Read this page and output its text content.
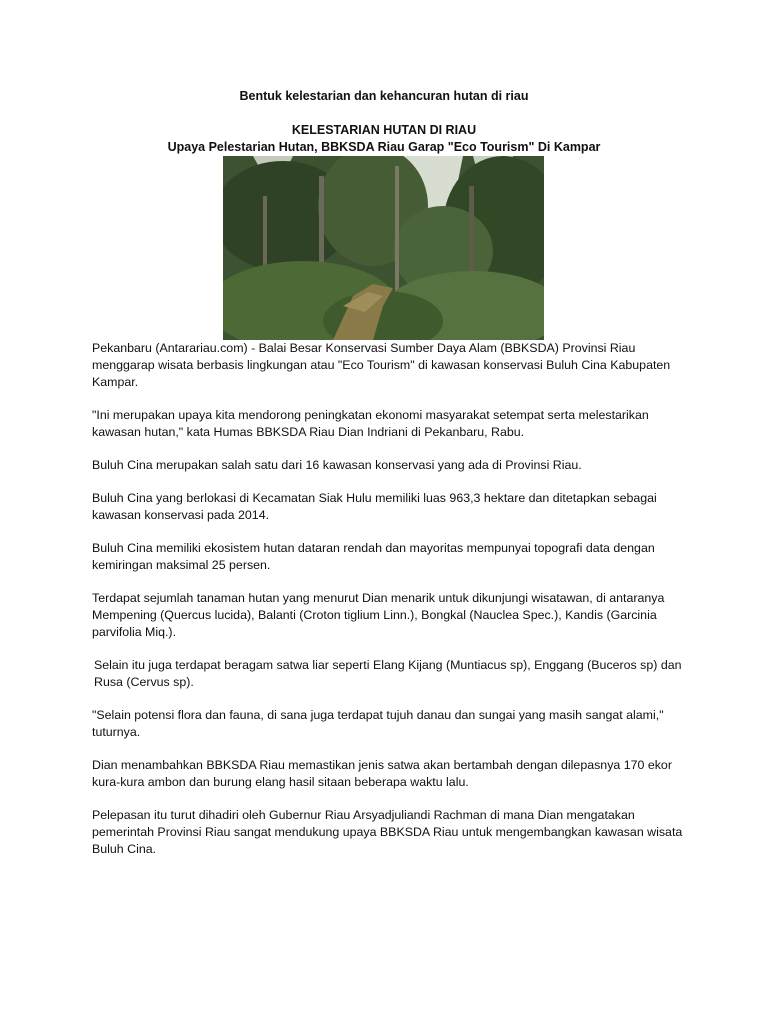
Bentuk kelestarian dan kehancuran hutan di riau
KELESTARIAN HUTAN DI RIAU
Upaya Pelestarian Hutan, BBKSDA Riau Garap "Eco Tourism" Di Kampar

Pekanbaru (Antarariau.com) - Balai Besar Konservasi Sumber Daya Alam (BBKSDA) Provinsi Riau menggarap wisata berbasis lingkungan atau "Eco Tourism" di kawasan konservasi Buluh Cina Kabupaten Kampar.

"Ini merupakan upaya kita mendorong peningkatan ekonomi masyarakat setempat serta melestarikan kawasan hutan," kata Humas BBKSDA Riau Dian Indriani di Pekanbaru, Rabu.

Buluh Cina merupakan salah satu dari 16 kawasan konservasi yang ada di Provinsi Riau.

Buluh Cina yang berlokasi di Kecamatan Siak Hulu memiliki luas 963,3 hektare dan ditetapkan sebagai kawasan konservasi pada 2014.

Buluh Cina memiliki ekosistem hutan dataran rendah dan mayoritas mempunyai topografi data dengan kemiringan maksimal 25 persen.

Terdapat sejumlah tanaman hutan yang menurut Dian menarik untuk dikunjungi wisatawan, di antaranya Mempening (Quercus lucida), Balanti (Croton tiglium Linn.), Bongkal (Nauclea Spec.), Kandis (Garcinia parvifolia Miq.).

Selain itu juga terdapat beragam satwa liar seperti Elang Kijang (Muntiacus sp), Enggang (Buceros sp) dan Rusa (Cervus sp).

"Selain potensi flora dan fauna, di sana juga terdapat tujuh danau dan sungai yang masih sangat alami," tuturnya.

Dian menambahkan BBKSDA Riau memastikan jenis satwa akan bertambah dengan dilepasnya 170 ekor kura-kura ambon dan burung elang hasil sitaan beberapa waktu lalu.

Pelepasan itu turut dihadiri oleh Gubernur Riau Arsyadjuliandi Rachman di mana Dian mengatakan pemerintah Provinsi Riau sangat mendukung upaya BBKSDA Riau untuk mengembangkan kawasan wisata Buluh Cina.
